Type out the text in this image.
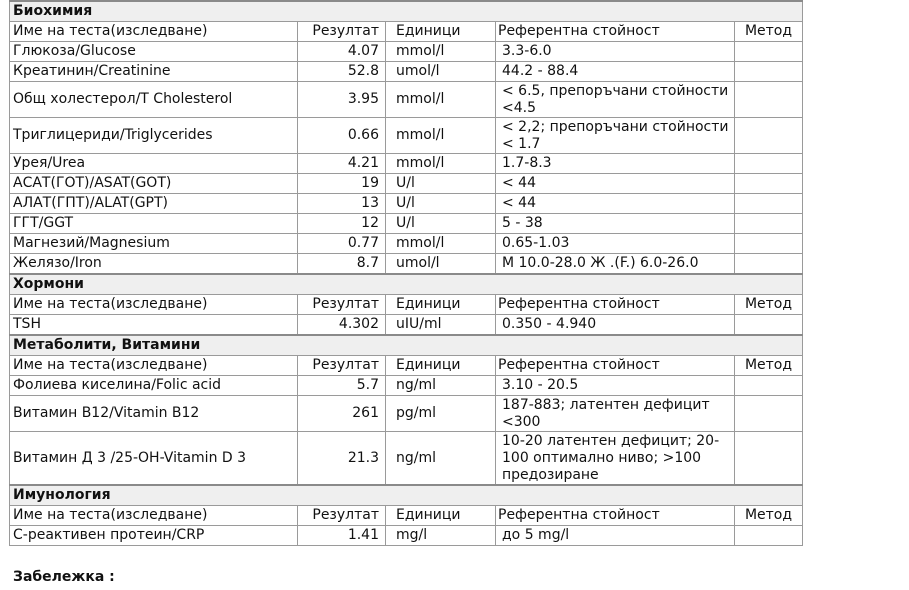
Биохимия				
Име на теста(изследване)	Резултат	Единици	Референтна стойност	Метод
Глюкоза/Glucose	4.07	mmol/l	3.3-6.0	
Креатинин/Creatinine	52.8	umol/l	44.2 - 88.4	
Общ холестерол/T Cholesterol	3.95	mmol/l	< 6.5, препоръчани стойности <4.5	
Триглицериди/Triglycerides	0.66	mmol/l	< 2,2; препоръчани стойности < 1.7	
Урея/Urea	4.21	mmol/l	1.7-8.3	
АСАТ(ГОТ)/ASAT(GOT)	19	U/l	< 44	
АЛАТ(ГПТ)/ALAT(GPT)	13	U/l	< 44	
ГГТ/GGT	12	U/l	5 - 38	
Магнезий/Magnesium	0.77	mmol/l	0.65-1.03	
Желязо/Iron	8.7	umol/l	М 10.0-28.0 Ж .(F.) 6.0-26.0	
Хормони				
Име на теста(изследване)	Резултат	Единици	Референтна стойност	Метод
TSH	4.302	uIU/ml	0.350 - 4.940	
Метаболити, Витамини				
Име на теста(изследване)	Резултат	Единици	Референтна стойност	Метод
Фолиева киселина/Folic acid	5.7	ng/ml	3.10 - 20.5	
Витамин В12/Vitamin B12	261	pg/ml	187-883; латентен дефицит <300	
Витамин Д 3 /25-OH-Vitamin D 3	21.3	ng/ml	10-20 латентен дефицит; 20-100 оптимално ниво; >100 предозиране	
Имунология				
Име на теста(изследване)	Резултат	Единици	Референтна стойност	Метод
С-реактивен протеин/CRP	1.41	mg/l	до 5 mg/l	
Забележка :
